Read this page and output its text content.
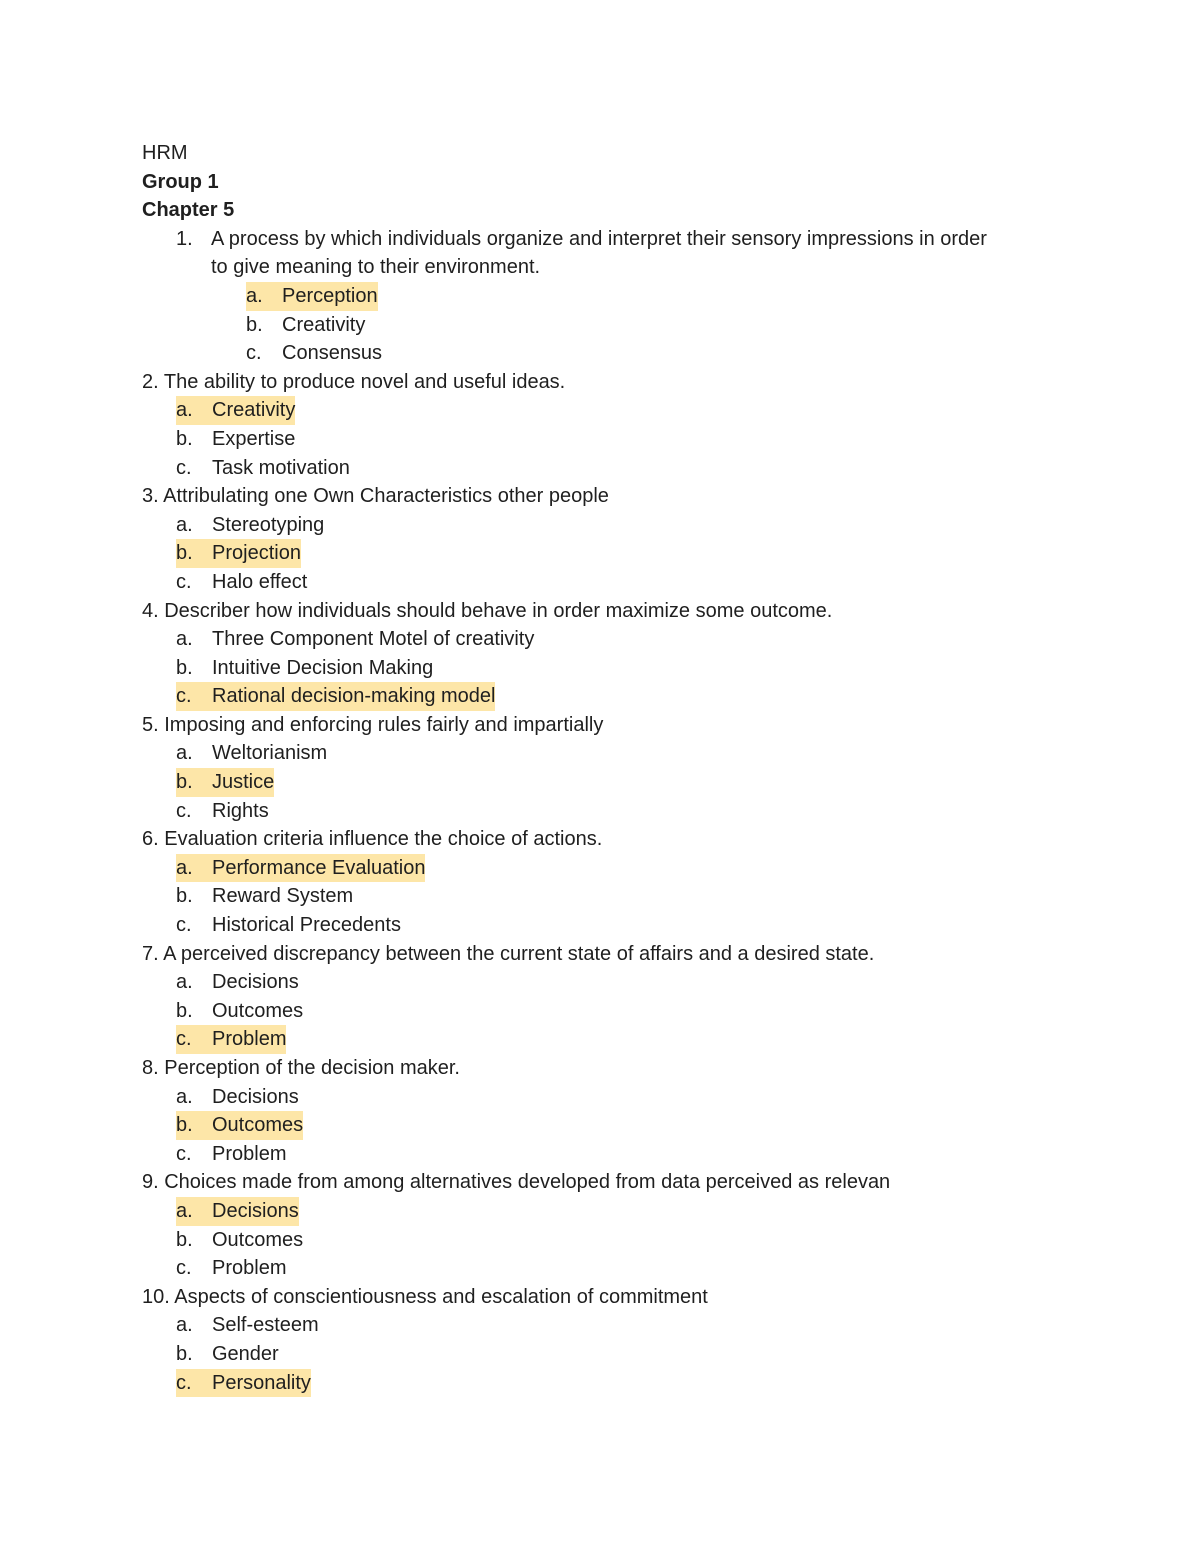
HRM
Group 1
Chapter 5
1. A process by which individuals organize and interpret their sensory impressions in order
to give meaning to their environment.
a. Perception
b. Creativity
c. Consensus
2. The ability to produce novel and useful ideas.
a. Creativity
b. Expertise
c. Task motivation
3. Attribulating one Own Characteristics other people
a. Stereotyping
b. Projection
c. Halo effect
4. Describer how individuals should behave in order maximize some outcome.
a. Three Component Motel of creativity
b. Intuitive Decision Making
c. Rational decision-making model
5. Imposing and enforcing rules fairly and impartially
a. Weltorianism
b. Justice
c. Rights
6. Evaluation criteria influence the choice of actions.
a. Performance Evaluation
b. Reward System
c. Historical Precedents
7. A perceived discrepancy between the current state of affairs and a desired state.
a. Decisions
b. Outcomes
c. Problem
8. Perception of the decision maker.
a. Decisions
b. Outcomes
c. Problem
9. Choices made from among alternatives developed from data perceived as relevan
a. Decisions
b. Outcomes
c. Problem
10. Aspects of conscientiousness and escalation of commitment
a. Self-esteem
b. Gender
c. Personality
